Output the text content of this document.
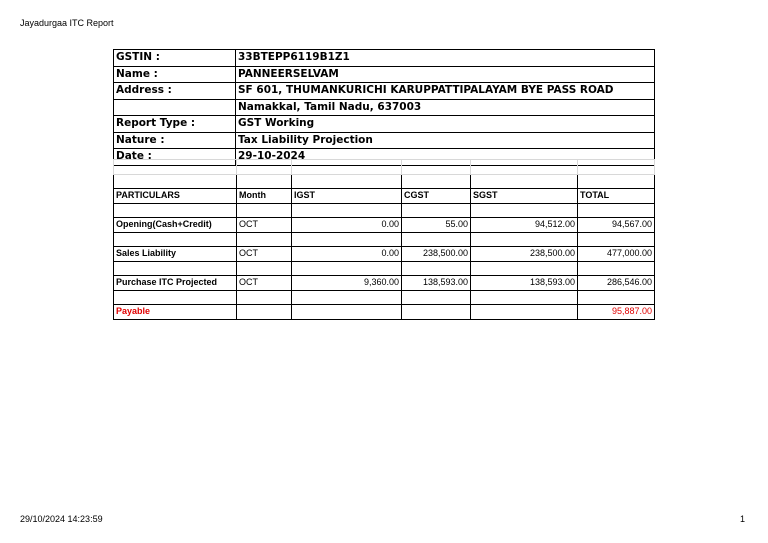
Jayadurgaa ITC Report
GSTIN :	33BTEPP6119B1Z1
Name :	PANNEERSELVAM
Address :	SF 601, THUMANKURICHI KARUPPATTIPALAYAM BYE PASS ROAD
	Namakkal, Tamil Nadu, 637003
Report Type :	GST Working
Nature :	Tax Liability Projection
Date :	29-10-2024

PARTICULARS	Month	IGST	CGST	SGST	TOTAL

Opening(Cash+Credit)	OCT	0.00	55.00	94,512.00	94,567.00

Sales Liability	OCT	0.00	238,500.00	238,500.00	477,000.00

Purchase ITC Projected	OCT	9,360.00	138,593.00	138,593.00	286,546.00

Payable					95,887.00
29/10/2024 14:23:59	1
